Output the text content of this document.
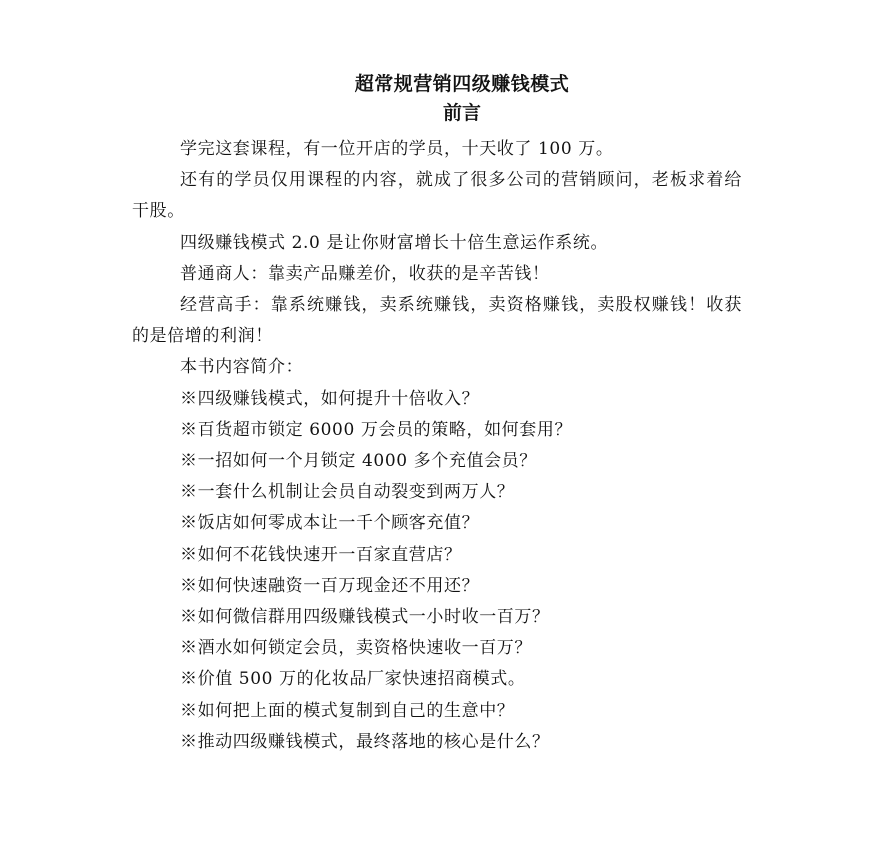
超常规营销四级赚钱模式
前言

学完这套课程，有一位开店的学员，十天收了 100 万。

还有的学员仅用课程的内容，就成了很多公司的营销顾问，老板求着给干股。

四级赚钱模式 2.0 是让你财富增长十倍生意运作系统。

普通商人：靠卖产品赚差价，收获的是辛苦钱！

经营高手：靠系统赚钱，卖系统赚钱，卖资格赚钱，卖股权赚钱！收获的是倍增的利润！

本书内容简介：

※四级赚钱模式，如何提升十倍收入？
※百货超市锁定 6000 万会员的策略，如何套用？
※一招如何一个月锁定 4000 多个充值会员？
※一套什么机制让会员自动裂变到两万人？
※饭店如何零成本让一千个顾客充值？
※如何不花钱快速开一百家直营店？
※如何快速融资一百万现金还不用还？
※如何微信群用四级赚钱模式一小时收一百万？
※酒水如何锁定会员，卖资格快速收一百万？
※价值 500 万的化妆品厂家快速招商模式。
※如何把上面的模式复制到自己的生意中？
※推动四级赚钱模式，最终落地的核心是什么？
